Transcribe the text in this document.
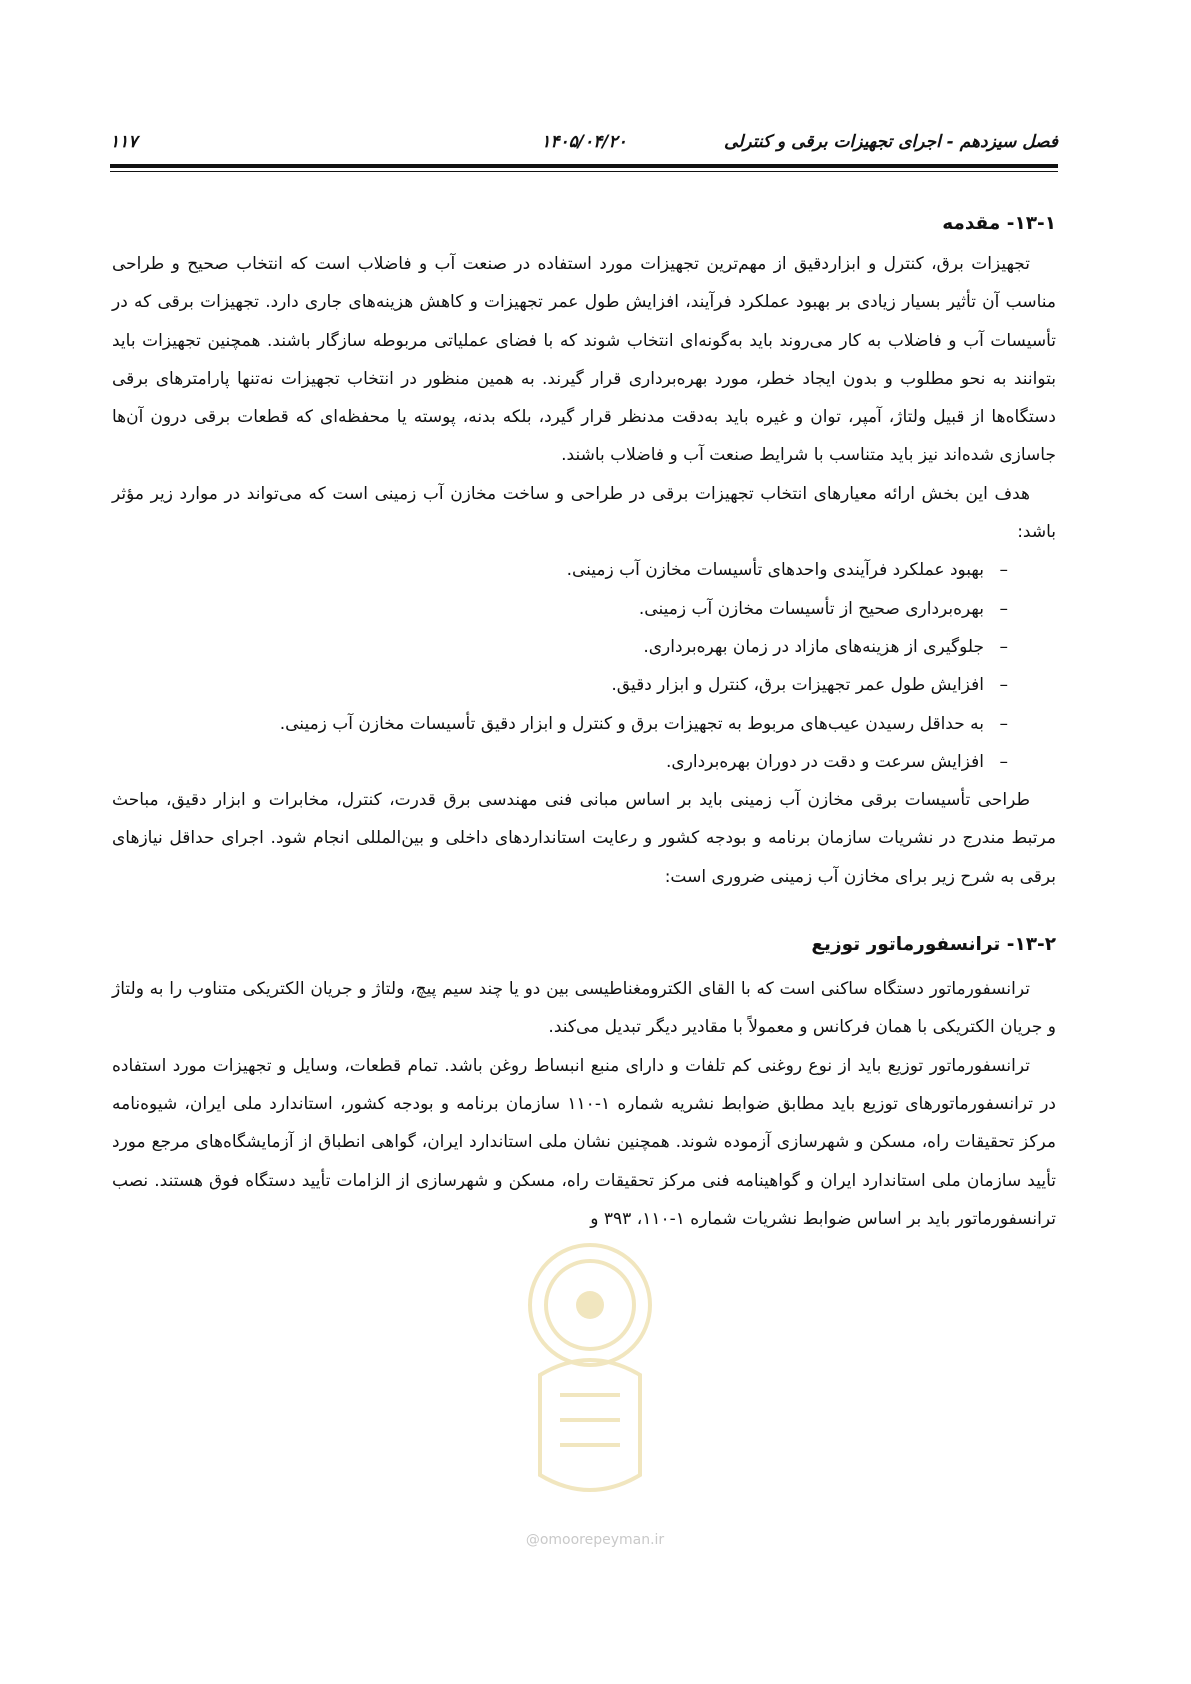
فصل سیزدهم - اجرای تجهیزات برقی و کنترلی
۱۴۰۵/۰۴/۲۰
۱۱۷
۱۳-۱- مقدمه

تجهیزات برق، کنترل و ابزاردقیق از مهم‌ترین تجهیزات مورد استفاده در صنعت آب و فاضلاب است که انتخاب صحیح و طراحی مناسب آن تأثیر بسیار زیادی بر بهبود عملکرد فرآیند، افزایش طول عمر تجهیزات و کاهش هزینه‌های جاری دارد. تجهیزات برقی که در تأسیسات آب و فاضلاب به کار می‌روند باید به‌گونه‌ای انتخاب شوند که با فضای عملیاتی مربوطه سازگار باشند. همچنین تجهیزات باید بتوانند به نحو مطلوب و بدون ایجاد خطر، مورد بهره‌برداری قرار گیرند. به همین منظور در انتخاب تجهیزات نه‌تنها پارامترهای برقی دستگاه‌ها از قبیل ولتاژ، آمپر، توان و غیره باید به‌دقت مدنظر قرار گیرد، بلکه بدنه، پوسته یا محفظه‌ای که قطعات برقی درون آن‌ها جاسازی شده‌اند نیز باید متناسب با شرایط صنعت آب و فاضلاب باشند.

هدف این بخش ارائه معیارهای انتخاب تجهیزات برقی در طراحی و ساخت مخازن آب زمینی است که می‌تواند در موارد زیر مؤثر باشد:

– بهبود عملکرد فرآیندی واحدهای تأسیسات مخازن آب زمینی.
– بهره‌برداری صحیح از تأسیسات مخازن آب زمینی.
– جلوگیری از هزینه‌های مازاد در زمان بهره‌برداری.
– افزایش طول عمر تجهیزات برق، کنترل و ابزار دقیق.
– به حداقل رسیدن عیب‌های مربوط به تجهیزات برق و کنترل و ابزار دقیق تأسیسات مخازن آب زمینی.
– افزایش سرعت و دقت در دوران بهره‌برداری.

طراحی تأسیسات برقی مخازن آب زمینی باید بر اساس مبانی فنی مهندسی برق قدرت، کنترل، مخابرات و ابزار دقیق، مباحث مرتبط مندرج در نشریات سازمان برنامه و بودجه کشور و رعایت استانداردهای داخلی و بین‌المللی انجام شود. اجرای حداقل نیازهای برقی به شرح زیر برای مخازن آب زمینی ضروری است:

۱۳-۲- ترانسفورماتور توزیع

ترانسفورماتور دستگاه ساکنی است که با القای الکترومغناطیسی بین دو یا چند سیم پیچ، ولتاژ و جریان الکتریکی متناوب را به ولتاژ و جریان الکتریکی با همان فرکانس و معمولاً با مقادیر دیگر تبدیل می‌کند.

ترانسفورماتور توزیع باید از نوع روغنی کم تلفات و دارای منبع انبساط روغن باشد. تمام قطعات، وسایل و تجهیزات مورد استفاده در ترانسفورماتورهای توزیع باید مطابق ضوابط نشریه شماره ۱-۱۱۰ سازمان برنامه و بودجه کشور، استاندارد ملی ایران، شیوه‌نامه مرکز تحقیقات راه، مسکن و شهرسازی آزموده شوند. همچنین نشان ملی استاندارد ایران، گواهی انطباق از آزمایشگاه‌های مرجع مورد تأیید سازمان ملی استاندارد ایران و گواهینامه فنی مرکز تحقیقات راه، مسکن و شهرسازی از الزامات تأیید دستگاه فوق هستند. نصب ترانسفورماتور باید بر اساس ضوابط نشریات شماره ۱-۱۱۰، ۳۹۳ و

@omoorepeyman.ir
